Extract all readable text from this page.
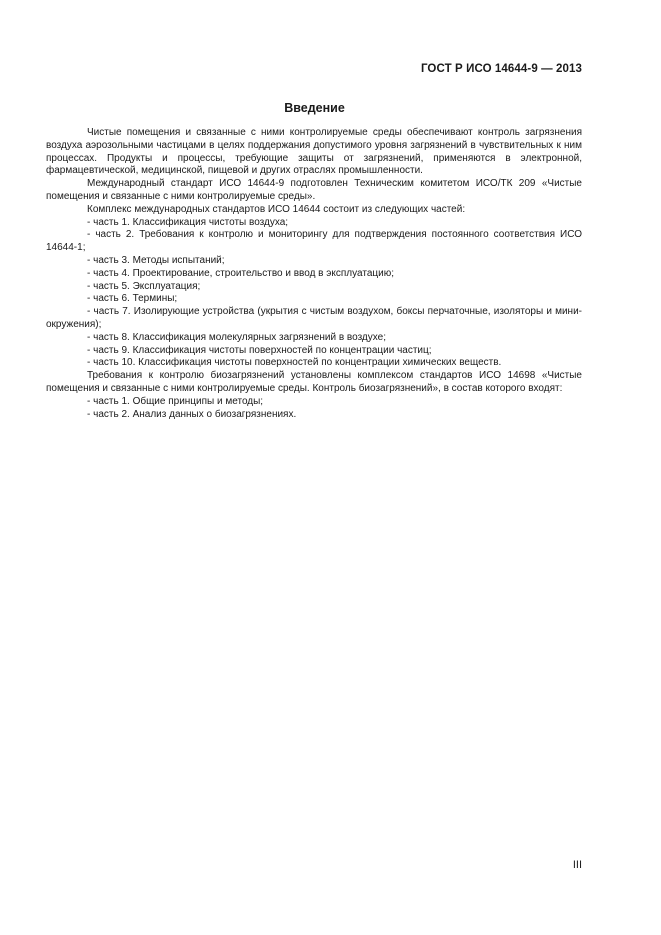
ГОСТ Р ИСО 14644-9 — 2013
Введение

Чистые помещения и связанные с ними контролируемые среды обеспечивают контроль загрязнения воздуха аэрозольными частицами в целях поддержания допустимого уровня загрязнений в чувствительных к ним процессах. Продукты и процессы, требующие защиты от загрязнений, применяются в электронной, фармацевтической, медицинской, пищевой и других отраслях промышленности.

Международный стандарт ИСО 14644-9 подготовлен Техническим комитетом ИСО/ТК 209 «Чистые помещения и связанные с ними контролируемые среды».

Комплекс международных стандартов ИСО 14644 состоит из следующих частей:

- часть 1. Классификация чистоты воздуха;

- часть 2. Требования к контролю и мониторингу для подтверждения постоянного соответствия ИСО 14644-1;

- часть 3. Методы испытаний;

- часть 4. Проектирование, строительство и ввод в эксплуатацию;

- часть 5. Эксплуатация;

- часть 6. Термины;

- часть 7. Изолирующие устройства (укрытия с чистым воздухом, боксы перчаточные, изоляторы и мини-окружения);

- часть 8. Классификация молекулярных загрязнений в воздухе;

- часть 9. Классификация чистоты поверхностей по концентрации частиц;

- часть 10. Классификация чистоты поверхностей по концентрации химических веществ.

Требования к контролю биозагрязнений установлены комплексом стандартов ИСО 14698 «Чистые помещения и связанные с ними контролируемые среды. Контроль биозагрязнений», в состав которого входят:

- часть 1. Общие принципы и методы;

- часть 2. Анализ данных о биозагрязнениях.

III
